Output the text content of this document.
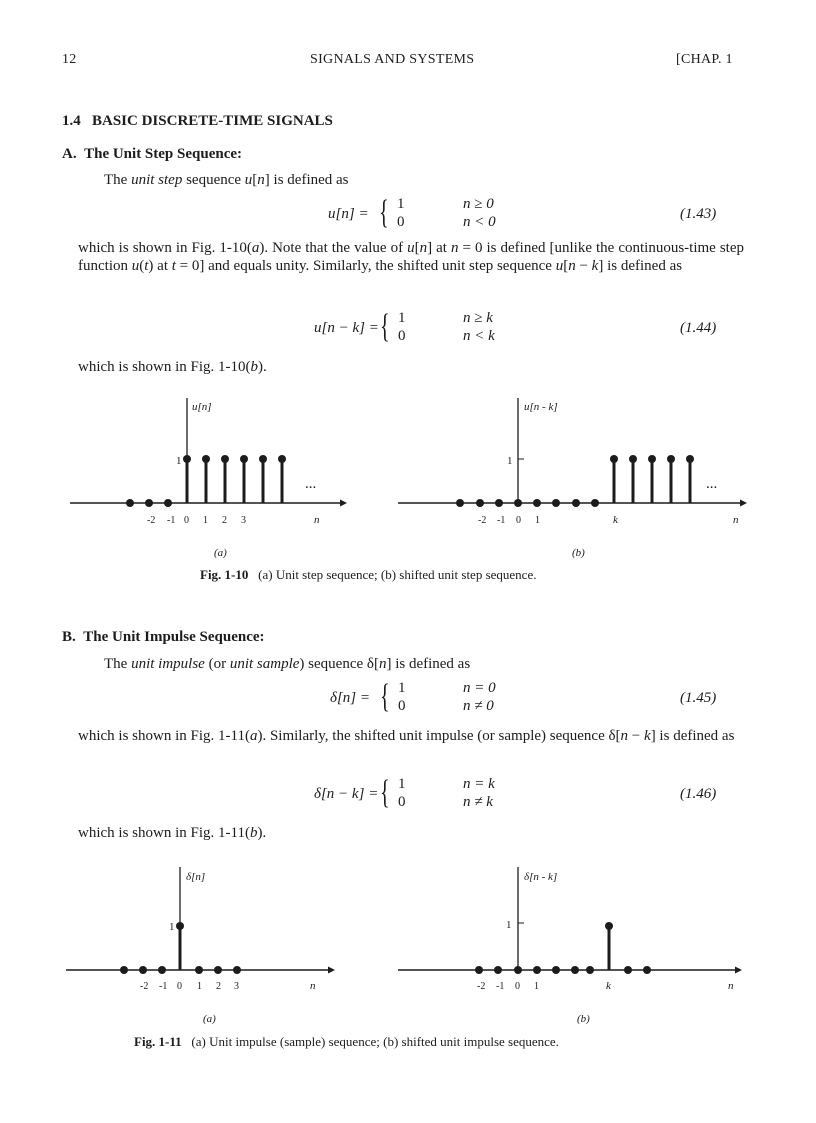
12	SIGNALS AND SYSTEMS	[CHAP. 1
1.4 BASIC DISCRETE-TIME SIGNALS
A. The Unit Step Sequence:
The unit step sequence u[n] is defined as
u[n] = { 1	n ≥ 0
0	n < 0	(1.43)
which is shown in Fig. 1-10(a). Note that the value of u[n] at n = 0 is defined [unlike the continuous-time step function u(t) at t = 0] and equals unity. Similarly, the shifted unit step sequence u[n − k] is defined as
u[n − k] = { 1	n ≥ k
0	n < k	(1.44)
which is shown in Fig. 1-10(b).
u[n]
1
...
-2 -1 0 1 2 3	n
(a)
u[n - k]
1
...
-2 -1 0 1	k	n
(b)
δ[n]
1
-2 -1 0 1 2 3	n
(a)
δ[n - k]
1
-2 -1 0 1	k	n
(b)
Fig. 1-10 (a) Unit step sequence; (b) shifted unit step sequence.
B. The Unit Impulse Sequence:
The unit impulse (or unit sample) sequence δ[n] is defined as
δ[n] = { 1	n = 0
0	n ≠ 0	(1.45)
which is shown in Fig. 1-11(a). Similarly, the shifted unit impulse (or sample) sequence δ[n − k] is defined as
δ[n − k] = { 1	n = k
0	n ≠ k	(1.46)
which is shown in Fig. 1-11(b).
Fig. 1-11 (a) Unit impulse (sample) sequence; (b) shifted unit impulse sequence.
